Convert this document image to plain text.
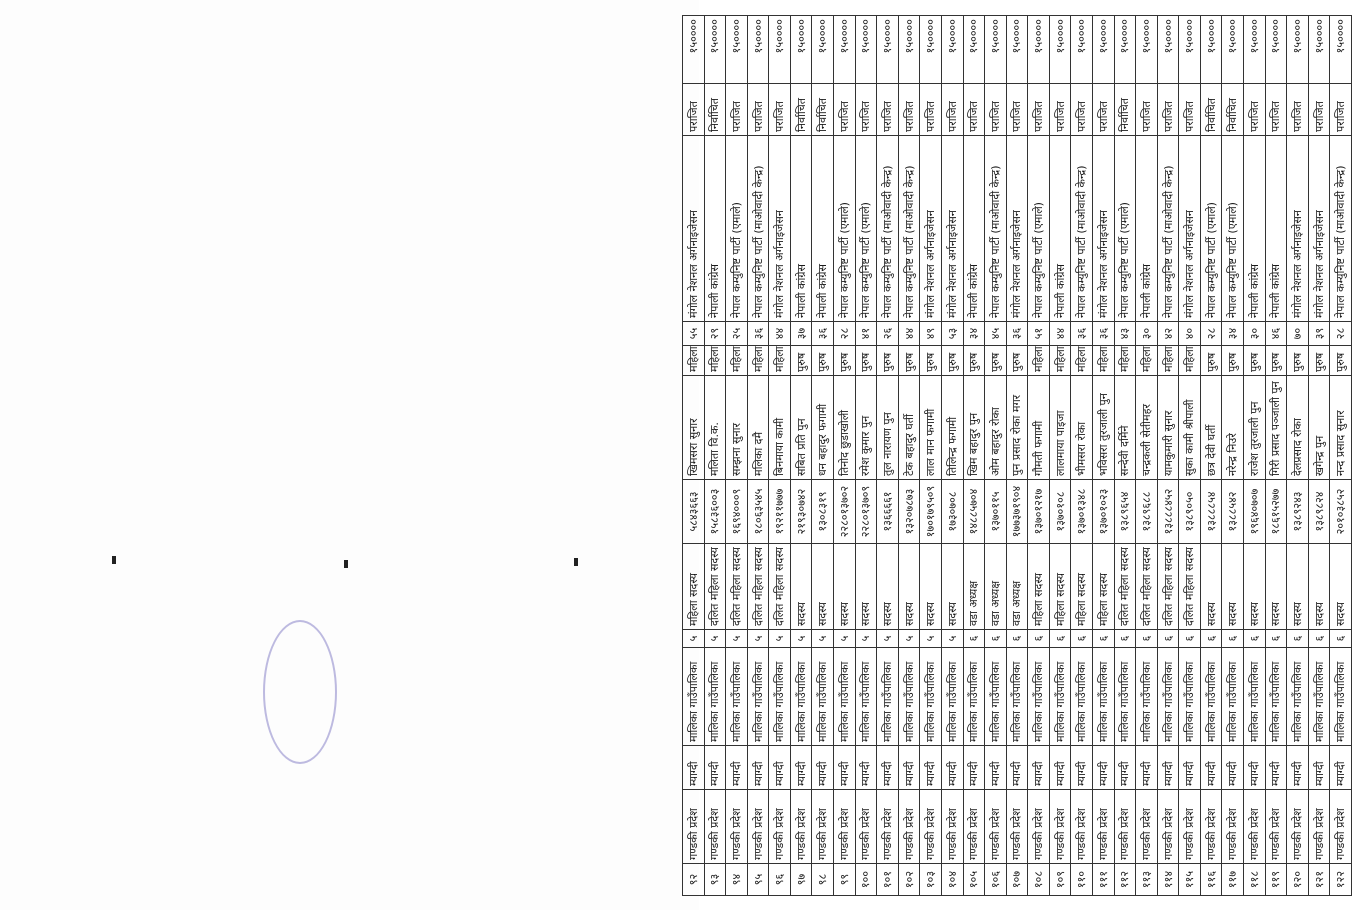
९२	गण्डकी प्रदेश	म्याग्दी	मालिका गाउँपालिका	५	महिला सदस्य	५८४३६६३	खिमसरा सुनार	महिला	५५	मंगोल नेशनल अर्गनाइजेसन	पराजित	१५००००
९३	गण्डकी प्रदेश	म्याग्दी	मालिका गाउँपालिका	५	दलित महिला सदस्य	१५८३६००३	मलिता वि.क.	महिला	२९	नेपाली कांग्रेस	निर्वाचित	१५००००
९४	गण्डकी प्रदेश	म्याग्दी	मालिका गाउँपालिका	५	दलित महिला सदस्य	१६९४०००९	सम्झना सुनार	महिला	२५	नेपाल कम्युनिष्ट पार्टी (एमाले)	पराजित	१५००००
९५	गण्डकी प्रदेश	म्याग्दी	मालिका गाउँपालिका	५	दलित महिला सदस्य	१८०६३५४५	मलिका दमै	महिला	३६	नेपाल कम्युनिष्ट पार्टी (माओवादी केन्द्र)	पराजित	१५००००
९६	गण्डकी प्रदेश	म्याग्दी	मालिका गाउँपालिका	५	दलित महिला सदस्य	१९२११७७७	बिनमाया कामी	महिला	४४	मंगोल नेशनल अर्गनाइजेसन	पराजित	१५००००
९७	गण्डकी प्रदेश	म्याग्दी	मालिका गाउँपालिका	५	सदस्य	२१९३०७४२	सबित प्रति पुन	पुरुष	३७	नेपाली कांग्रेस	निर्वाचित	१५००००
९८	गण्डकी प्रदेश	म्याग्दी	मालिका गाउँपालिका	५	सदस्य	१३०८३१९	धन बहादुर फगामी	पुरुष	३६	नेपाली कांग्रेस	निर्वाचित	१५००००
९९	गण्डकी प्रदेश	म्याग्दी	मालिका गाउँपालिका	५	सदस्य	२२८०१३७०२	तिनोद छुडाखोली	पुरुष	२८	नेपाल कम्युनिष्ट पार्टी (एमाले)	पराजित	१५००००
१००	गण्डकी प्रदेश	म्याग्दी	मालिका गाउँपालिका	५	सदस्य	२२८०१३७०९	रमेश कुमार पुन	पुरुष	४१	नेपाल कम्युनिष्ट पार्टी (एमाले)	पराजित	१५००००
१०१	गण्डकी प्रदेश	म्याग्दी	मालिका गाउँपालिका	५	सदस्य	१३६६६६१	तुल नारायण पुन	पुरुष	२६	नेपाल कम्युनिष्ट पार्टी (माओवादी केन्द्र)	पराजित	१५००००
१०२	गण्डकी प्रदेश	म्याग्दी	मालिका गाउँपालिका	५	सदस्य	१३२०७८७३	टेक बहादुर घर्ती	पुरुष	४४	नेपाल कम्युनिष्ट पार्टी (माओवादी केन्द्र)	पराजित	१५००००
१०३	गण्डकी प्रदेश	म्याग्दी	मालिका गाउँपालिका	५	सदस्य	१७०१७९५०९	लाल मान फगामी	पुरुष	४९	मंगोल नेशनल अर्गनाइजेसन	पराजित	१५००००
१०४	गण्डकी प्रदेश	म्याग्दी	मालिका गाउँपालिका	५	सदस्य	१७३०७०८	तिलिन्द्र फगामी	पुरुष	५३	मंगोल नेशनल अर्गनाइजेसन	पराजित	१५००००
१०५	गण्डकी प्रदेश	म्याग्दी	मालिका गाउँपालिका	६	वडा अध्यक्ष	१४८८५७०४	खिम बहादुर पुन	पुरुष	३४	नेपाली कांग्रेस	पराजित	१५००००
१०६	गण्डकी प्रदेश	म्याग्दी	मालिका गाउँपालिका	६	वडा अध्यक्ष	१३७०११५	ओम बहादुर रोका	पुरुष	४५	नेपाल कम्युनिष्ट पार्टी (माओवादी केन्द्र)	पराजित	१५००००
१०७	गण्डकी प्रदेश	म्याग्दी	मालिका गाउँपालिका	६	वडा अध्यक्ष	१७७३७१९०४	पुन प्रसाद रोका मगर	पुरुष	३६	मंगोल नेशनल अर्गनाइजेसन	पराजित	१५००००
१०८	गण्डकी प्रदेश	म्याग्दी	मालिका गाउँपालिका	६	महिला सदस्य	१३७०१२१७	गौमती फगामी	महिला	५१	नेपाल कम्युनिष्ट पार्टी (एमाले)	पराजित	१५००००
१०९	गण्डकी प्रदेश	म्याग्दी	मालिका गाउँपालिका	६	महिला सदस्य	१३७०१०८	लालमाया पाइजा	महिला	४४	नेपाली कांग्रेस	पराजित	१५००००
११०	गण्डकी प्रदेश	म्याग्दी	मालिका गाउँपालिका	६	महिला सदस्य	१३७०१३४८	भीमसरा रोका	महिला	३६	नेपाल कम्युनिष्ट पार्टी (माओवादी केन्द्र)	पराजित	१५००००
१११	गण्डकी प्रदेश	म्याग्दी	मालिका गाउँपालिका	६	महिला सदस्य	१३७०१०२३	भविसरा तुरजाली पुन	महिला	३६	मंगोल नेशनल अर्गनाइजेसन	पराजित	१५००००
११२	गण्डकी प्रदेश	म्याग्दी	मालिका गाउँपालिका	६	दलित महिला सदस्य	१३८९६५४	सन्देवी दर्मिने	महिला	४३	नेपाल कम्युनिष्ट पार्टी (एमाले)	निर्वाचित	१५००००
११३	गण्डकी प्रदेश	म्याग्दी	मालिका गाउँपालिका	६	दलित महिला सदस्य	१३८९६८८	चन्द्रकली सेतीमहर	महिला	३०	नेपाली कांग्रेस	पराजित	१५००००
११४	गण्डकी प्रदेश	म्याग्दी	मालिका गाउँपालिका	६	दलित महिला सदस्य	१३८८८४५२	यामकुमारी सुनार	महिला	४२	नेपाल कम्युनिष्ट पार्टी (माओवादी केन्द्र)	पराजित	१५००००
११५	गण्डकी प्रदेश	म्याग्दी	मालिका गाउँपालिका	६	दलित महिला सदस्य	१३८९०५०	सुका कामी श्रीपाली	महिला	४०	मंगोल नेशनल अर्गनाइजेसन	पराजित	१५००००
११६	गण्डकी प्रदेश	म्याग्दी	मालिका गाउँपालिका	६	सदस्य	१३८८८५४	छत्र देवी घर्ती	पुरुष	२८	नेपाल कम्युनिष्ट पार्टी (एमाले)	निर्वाचित	१५००००
११७	गण्डकी प्रदेश	म्याग्दी	मालिका गाउँपालिका	६	सदस्य	१३८८५४२	नरेन्द्र निउरे	पुरुष	३४	नेपाल कम्युनिष्ट पार्टी (एमाले)	निर्वाचित	१५००००
११८	गण्डकी प्रदेश	म्याग्दी	मालिका गाउँपालिका	६	सदस्य	१९६४०७०७	राजेश तुरजाली पुन	पुरुष	३०	नेपाली कांग्रेस	पराजित	१५००००
११९	गण्डकी प्रदेश	म्याग्दी	मालिका गाउँपालिका	६	सदस्य	१८६१५२७७	गिरी प्रसाद पञ्जाली पुन	पुरुष	४६	नेपाली कांग्रेस	पराजित	१५००००
१२०	गण्डकी प्रदेश	म्याग्दी	मालिका गाउँपालिका	६	सदस्य	१३८९२४३	देलप्रसाद रोका	पुरुष	७०	मंगोल नेशनल अर्गनाइजेसन	पराजित	१५००००
१२१	गण्डकी प्रदेश	म्याग्दी	मालिका गाउँपालिका	६	सदस्य	१३८९८२४	खगेन्द्र पुन	पुरुष	३९	मंगोल नेशनल अर्गनाइजेसन	पराजित	१५००००
१२२	गण्डकी प्रदेश	म्याग्दी	मालिका गाउँपालिका	६	सदस्य	२०१०३८५२	नन्द प्रसाद सुनार	पुरुष	२८	नेपाल कम्युनिष्ट पार्टी (माओवादी केन्द्र)	पराजित	१५००००
